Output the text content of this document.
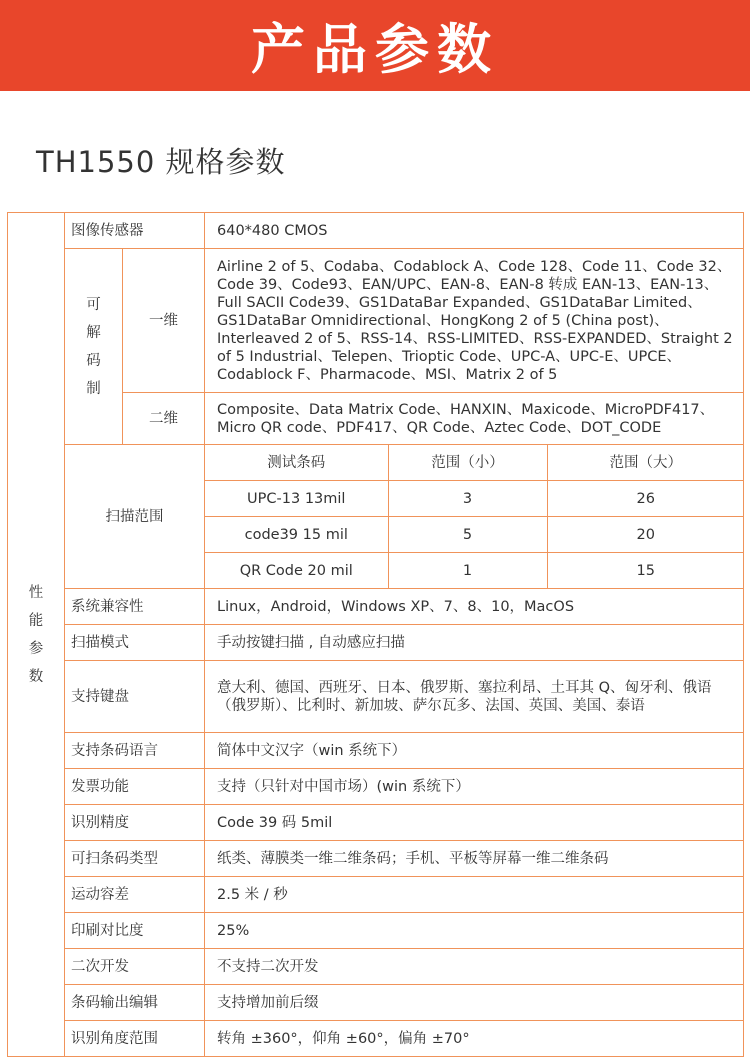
产品参数
TH1550 规格参数
性
能
参
数
	图像传感器	640*480 CMOS

可
解
码
制
	一维	Airline 2 of 5、Codaba、Codablock A、Code 128、Code 11、Code 32、Code 39、Code93、EAN/UPC、EAN-8、EAN-8 转成 EAN-13、EAN-13、Full SACII Code39、GS1DataBar Expanded、GS1DataBar Limited、GS1DataBar Omnidirectional、HongKong 2 of 5 (China post)、Interleaved 2 of 5、RSS-14、RSS-LIMITED、RSS-EXPANDED、Straight 2 of 5 Industrial、Telepen、Trioptic Code、UPC-A、UPC-E、UPCE、Codablock F、Pharmacode、MSI、Matrix 2 of 5
二维	Composite、Data Matrix Code、HANXIN、Maxicode、MicroPDF417、Micro QR code、PDF417、QR Code、Aztec Code、DOT_CODE
扫描范围	
测试条码	范围（小）	范围（大）
UPC-13 13mil	3	26
code39 15 mil	5	20
QR Code 20 mil	1	15

系统兼容性	Linux，Android，Windows XP、7、8、10，MacOS
扫描模式	手动按键扫描 , 自动感应扫描
支持键盘	意大利、德国、西班牙、日本、俄罗斯、塞拉利昂、土耳其 Q、匈牙利、俄语（俄罗斯）、比利时、新加坡、萨尔瓦多、法国、英国、美国、泰语
支持条码语言	简体中文汉字（win 系统下）
发票功能	支持（只针对中国市场）(win 系统下）
识别精度	Code 39 码 5mil
可扫条码类型	纸类、薄膜类一维二维条码；手机、平板等屏幕一维二维条码
运动容差	2.5 米 / 秒
印刷对比度	25%
二次开发	不支持二次开发
条码输出编辑	支持增加前后缀
识别角度范围	转角 ±360°，仰角 ±60°，偏角 ±70°
